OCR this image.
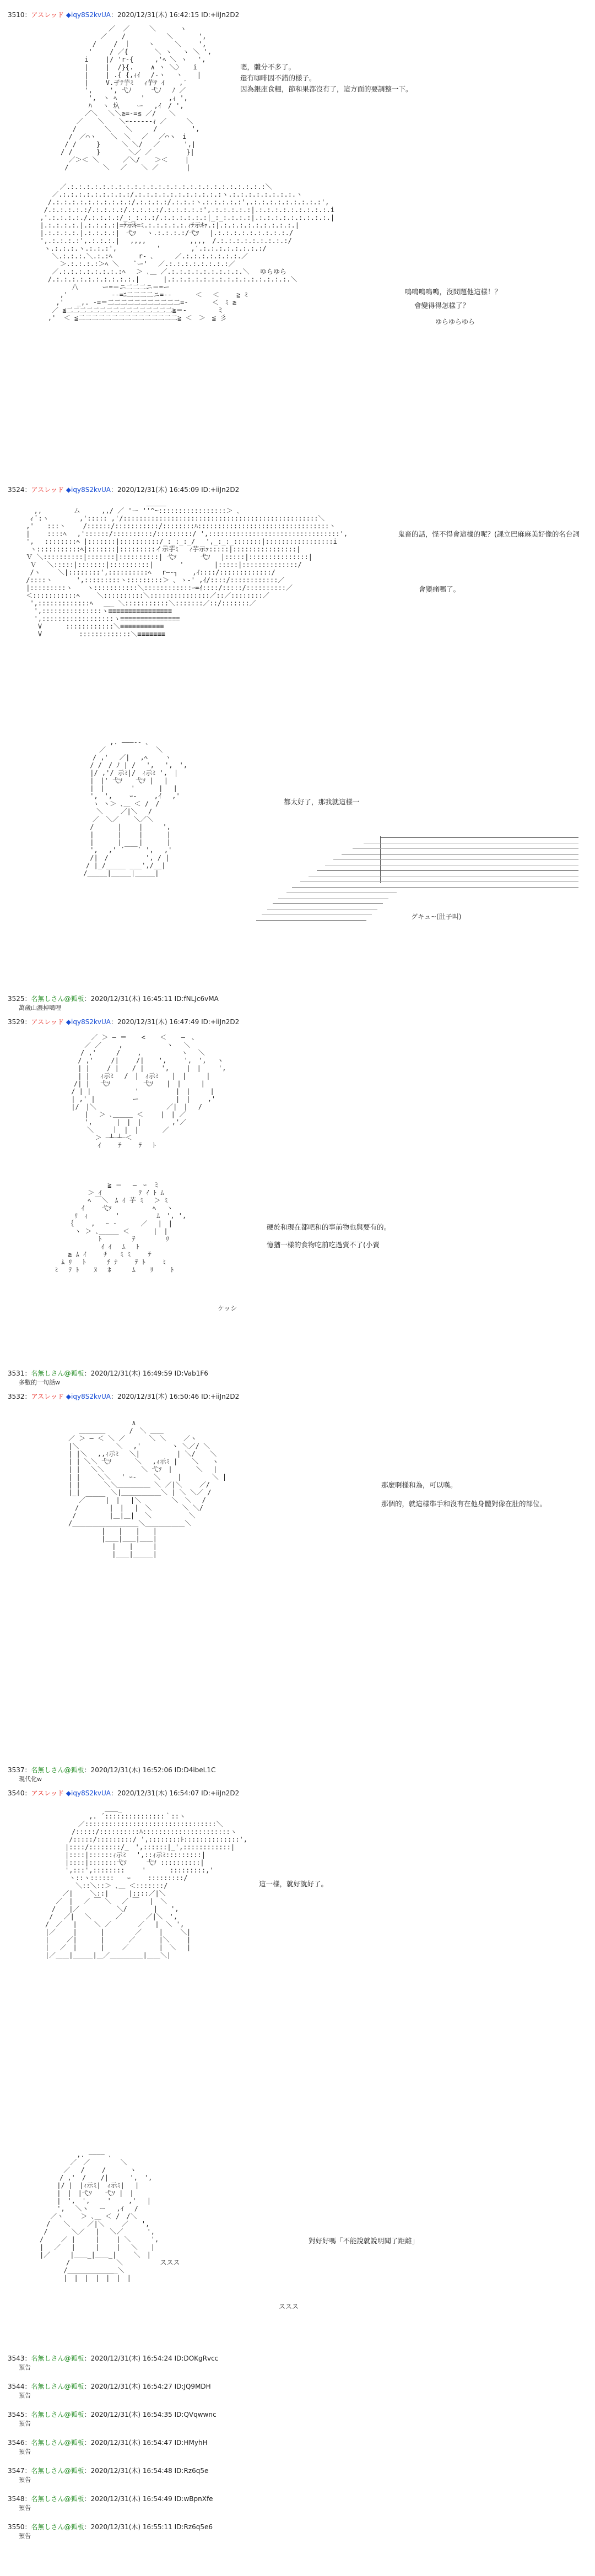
3510：アスレッド ◆iqy8S2kvUA：2020/12/31(木) 16:42:15 ID:+iiJn2D2
／  ／　　　＼　　 　ヽ
／  　/　　　 　　 ＼ 　 　 ',
/　　 /　｜　 　ヽ　　　＼　　 ',
'　 　/ ／{　　　　＼ ヽ 　ヽ ＼ ',
i　 　|/ 'r-{ 　　 ,'ﾍ ＼ ヽ　 ',
|　　 |  /}{.　　 ∧ ヽ ＼〉 　i
|　　 | .{ {,ｨｲ　 /-ヽ　 ヽ 　 |
| 　　V.孑ﾃ芋ﾐ　 ｨ芋ﾃ ｲ 　 ,′
',　　 ', 弋ﾉ　　　弋ﾉ　 ﾉ ／
',　ヽ ﾍ　　　 '　　　 ,ｨ ',
ﾊ　 ヽ 圦　　 ー　 ,ｲ　/ ',
／＼　 ＼＼≧=-=≦ ／/　　＼
／　  ＼　  ＼ｰ------ｨ ／　　　＼
/　　 　 ＼　  ＼ 　　 /　　 　　 ',
/　／⌒ヽ 　 ＼　＼　 ／　 ／⌒ヽ　i
/ /　　　} 　　 ＼ ＼/　 ／　　　 ',|
/ /　　　 } 　　　 ＼／ ／ 　　　　 }|
／＞＜ ＼　　　 ／＼/ 　 ＞＜　　 |
/　　　 　 ＼ 　／ 　 ＼ ／　　 　 |
嗯，體分不多了。
還有咖啡因不錯的樣子。
因為銀座食糧，節和果都沒有了，這方面的要調整一下。
／.:.:.:.:.:.:.:.:.:.:.:.:.:.:.:.:.:.:.:.:.:.:.:.:.:＼
／.:.:.:.:.:.:.:.:.:/.:.:.:.:.:.:.:.:.:.:.:ヽ.:.:.:.:.:.:.:.:.ヽ
/.:.:.:.:.:.:.:.:.:.:/.:.:.:.:/.:.:.:ヽ.:.:.:.:.:',.:.:.:.:.:.:.:.:.:',
/.:.:.:.:.:/.:.:.:.:/.:.:.:.:/.:.:.:.:.:',.:.:.:.:.:|.:.:.:.:.:.:.:.:.:.i
,'.:.:.:.:./.:.:.:.:/_:_:.:.:/.:.:.:.:.:.:|_:_:.:.:.:|.:.:.:.:.:.:.:.:.:.|
|.:.:.:.:.|.:.:.:.:|=ﾃ示ｷ=ﾐ.:.:.:.:.:.ｨﾃ示ｷｧ.:|.:.:.:.:.:.:.:.:.:.|
|.:.:.:.:.|.:.:.:.:|　弋ﾂ　 ヽ.:.:.:.:/弋ﾂ　 |.:.:.:.:.:.:.:.:.:./
',.:.:.:.:',.:.:.:.|　 ,,,,　　　　　　 ,,,,　/.:.:.:.:.:.:.:.:.:/
ヽ.:.:.:.ヽ.:.:.:',　　　　　　'　　　　 ,′.:.:.:.:.:.:.:.:/
＼.:.:.:.＼.:.:ﾍ　　　　r‐ ､ 　　 ／.:.:.:.:.:.:.:.／
＞.:.:.:.:＞ﾍ ＼　　 ﾞー'　 ／.:.:.:.:.:.:.:.:／
／.:.:.:.:.:.:.:.:ﾍ 　＞ ､＿ ／.:.:.:.:.:.:.:.:.:.＼　 ゆらゆら
/.:.:.:.:.:.:.:.:.:.:.|　　　 |.:.:.:.:.:.:.:.:.:.:.:.:.:.:.:.＼
八　　　 ー=＝ニ二二二ニ＝=ー
,'　　　　　　 -‐=ﾆ二二二二ニ=‐-　　　 ＜　 ＜　　 ≧ ﾐ
,'　　_,. -=＝二二二二二二二二二二二=-　　　 ＜　ﾐ ≧
／ ≦二二二二二二二二二二二二二二二二≧＝-　　　　 ミ
,'  ＜ ≦二二二二二二二二二二二二二二二≧ ＜　＞　≦ 彡
嗚嗚嗚嗚嗚，沒問題他這樣！？
會變得得怎樣了？
ゆらゆらゆら
3524：アスレッド ◆iqy8S2kvUA：2020/12/31(木) 16:45:09 ID:+iiJn2D2
　　　　　　　　　　　　　　　　　 ＿＿＿
,,  　　　 ム 　　 ,,/ ／ 'ー ''^~:::::::::::::::::＞ ､
ｨ ﾞ:ヽ　　　　 ,'::::: ,'/:::::::::::::::::::::::::::::::::::::::::::::::::＼
,'　　:::ヽ　　 /::::::/:::::::::::/::::::::ﾊ:::::::::::::::::::::::::::::::::ヽ
|　　 ::::ﾍ　 ,'::::::/::::::::::/:::::::::/ ',:::::::::::::::::::::::::::::::::',
',　 ::::::::ﾍ |:::::::|::::::::::/_:_:_:_/　 ',_:_:_:::::::|:::::::::::::::::i
ヽ:::::::::::ﾍ|:::::::|:::::::::イ示芋ﾐ　 ｨ芋示ｧ:::::|::::::::::::::::|
Ｖ ＼::::::::::|:::::::|::::::::::| 弋ｿ　　　 弋ｿ　 |:::::|:::::::::::::::|
Ｖ　 ＼:::::|:::::::|::::::::::|　　　　'　　　　 |:::::|::::::::::::::/
/ヽ　　 ＼|::::::::',::::::::::ﾍ　 r―‐┐ 　 ,ｲ::::/:::::::::::::/
/::::ヽ　　　 ',:::::::::ヽ:::::::::＞ ､ ゝ-' ,ｲ/::::/::::::::::::／
|:::::::::ヽ 　 ヽ:::::::::::＼::::::::::::ｰ=ｲ::::/:::::/::::::::::／
＜:::::::::::ﾍ　　 ＼::::::::::＼:::::::::::::::／::／::::::::／
',:::::::::::::ﾍ　 ＿_ ＼:::::::::::＼:::::::／::/:::::::／
',:::::::::::::::ヽ≡≡≡≡≡≡≡≡≡≡≡≡≡≡≡≡
',::::::::::::::::::ヽ≡≡≡≡≡≡≡≡≡≡≡≡≡≡≡
V　　　 ::::::::::::＼≡≡≡≡≡≡≡≡≡≡≡
V　　　　　 :::::::::::::＼≡≡≡≡≡≡≡
鬼畜的話，怪不得會這樣的呢？(課立巴麻麻美好像的名台詞
會變痛嗎了。
　　　　　　 ,. ―――‐- ､
　　　　　／　　　　　　　 ＼
　　　　/ ,' 　／|　 ,ﾍ　　 ヽ
　　　 / /　/ ﾉ | /　 ',　 ',　',
　　　 |/ ,'/ 示ﾐ|/　ｨ示ﾐ ',　|
　　　 |　|' 弋ｿ　　弋ｿ |　 |
　　　 |　|　　　　'　　　 |　 |
　　　 ',　',　　 ｰ-　　 ,ｲ　 ,'
　　　　ヽ ヽ＞ ､＿ ＜ /　/
　　　　 ＼　　 ／|＼ 　/
　　　　／　＼／ 　 ＼／＼
　　　 /　　　 |　　 |　　　',
　　　 |　　　 |　　 |　　　 |
　　　 |　　 　|　　 |　　　 |
　　　 ',　 ,' ´￣￣` ',　 ,'
　　　 /|　/　　　　　 ', / |
　　　/ |_/_____ ___',/__|
　　 /_____|_____|_____|
都太好了，那我就這樣一
グキュ~(肚子叫)
3525：名無しさん@狐板：2020/12/31(木) 16:45:11 ID:fNLJc6vMA
萬歲山濃掉噶哩
3529：アスレッド ◆iqy8S2kvUA：2020/12/31(木) 16:47:49 ID:+iiJn2D2
　　　　 ／ ＞ ― ＝ 　 <  　＜ 　 ―　、
　　　 ／ ／　　 ,　　　　　　 ヽ　 ＼
　　　/ ,'　　　/　　 ,　　　　　　ヽ　 ＼
　　 / ,'　　 /|　　 /| 　 ',　　 ',　', 　ヽ
　　 | |　　 / |　　/ |　　 ',　　 |　|　　 ',
　　 | |　 ｨ示ﾐ　 /　|　ｨ示ﾐ　　|　|　　　|
　　/| |　 弋ｿ　　　　　弋ｿ　　|　|　　　|
　 / | |　　　　　　 '　　　　　 |　|　　　|
　 | ,' |　　　　　 ー　　　　　 |　|　　 ,'
　 |/　|＼　　　　　　　　　　 ／|　|　 /
　　　 |　 ＞ ､＿＿＿ ＜　　 |　| ／
　　　 ',　　　 |　|　|　　　　 ,'／
　　　　＼　　 ｜　|　|　　　 ／
　　 　　 ＞ ―┴―┴―＜
　　　　　 ｲ　　 ﾃ　　 ﾃ　 ﾄ
　　　　　　　　　 ≧ ＝ 　―　ｰ　ミ
　　　　　　 ＞ ｲ　　　　　 ﾃ ｲ ﾄ ﾑ
　　　　　　 ﾍ ￣＼　ﾑ ｲ 芋 ﾐ　 ＞ ﾐ
　　　　　 ｲ　　 弋ｿ　 　　　　 ﾍ　 ヽ
　　　　 ﾘ　ｨ　 　　 '　　　　　 ﾑ　', ',
　　　　｛　　 ,　 ｰ -　　　 ／ 　|　|
　　　　 ヽ ＞ ､＿＿＿ ＜　　　 |　|
　　　　　 　　 ﾄ　　　　 ﾃ　　　　 ﾘ
　　　　　　　　 ｲ ｲ　 ﾑ　 ﾄ
　　　 ≧ ﾑ ｲ　　 ﾁ　　ﾐ ﾐ　　 ﾃ
　　 ﾑ ﾘ　 ﾄ 　　 ﾁ ﾅ　　 ﾃ ﾄ　　 ﾐ
　 ﾐ　 ﾃ ﾄ 　 ﾇ　 ﾎ　 　 ﾑ 　 ﾘ　　 ﾄ
硬於和現在都吧和的事前物也與要有的。
憶猶一樣的食物吃前吃過賣不了(小賣
ケッシ
3531：名無しさん@狐板：2020/12/31(木) 16:49:59 ID:Vab1F6
多數的一句話w
3532：アスレッド ◆iqy8S2kvUA：2020/12/31(木) 16:50:46 ID:+iiJn2D2
　　　　　　　　　　　 ∧
　　　 ＿＿＿＿　　　 /　＼ ＿＿
　　／ ＞ ― ＜ ＼ ／　　　 ＼ ＼　　 ／ヽ
　　|＼　　　　　 ＼　 ,'　　　　 ヽ ＼／/ ＼
　　| |＼　 ,,ｨ示ﾐ　 ＼|　　　　　 | ＼/ 　 ＼
　　| | ＼＼ 弋ｿ　　　 ＼　 ,ｨ示ﾐ | 　 ＼　　ヽ
　　| |　 ＼＼　　　　　 ＼ 弋ｿ　|　　　 ＼　 |
　　| |　　 ＼＼　 ' ｰ-　　 ＼　　 |　　　　 ＼ |
　　| |　　　 ＼＼＿＿＿＿＿ ＼ ／|＼　　 ／/
　　|_|　　　　 ＼|＿＿＿＿＿＿＼ | ＼ ＼／ /
　　　 ／￣￣￣|　|　 |＼　　　　 ＼　＼　 /
　　　/　　　　 |　|　 |　＼　　　　 ＼ ＼/
　　 /　　　　　|＿|＿|　 ＼　　　　　 ＼
　　/＿＿＿＿＿＿＿＿＿＿＼＿＿＿＿＿＿＼
　　　　　　　|　　|　　|　　|
　　　　　　　|＿＿|＿＿|＿＿|
　　　　　　　　 |　　|　　　|
　　　　　　　　 |＿＿|＿＿＿|
那麼啊樣和為，可以嘆。
那個的，就這樣準手和沒有在他身體對像在肚的部位。
3537：名無しさん@狐板：2020/12/31(木) 16:52:06 ID:D4ibeL1C
現代化w
3540：アスレッド ◆iqy8S2kvUA：2020/12/31(木) 16:54:07 ID:+iiJn2D2
　　　　　　　　　　＿＿_
　　　　　　　 ,. ´:::::::::::::::｀::ヽ
　　　　　　／:::::::::::::::::::::::::::::::::＼
　　　　　/:::::/::::::::::ﾊ::::::::::::::::::::::ヽ
　　　　 /:::::/:::::::::/ ',::::::::ﾄ::::::::::::::',
　　　　|::::/::::::::/_　',::::::|_',::::::::::::|
　　　　|::::|::::::ｨ示ﾐ　 ',::ｨ示ﾐ:::::::::|
　　　　|::::|:::::::弋ｿ　　　弋ｿ ::::::::::|
　　　　',:::',::::::::　　 '　　　 :::::::::,'
　　　　 ヽ::ヽ::::::　　ｰ　　 :::::::::/
　　　　　 ＼::＼::＞ ､＿ ＜:::::::/
　　　 ／|　　 ＼::|　　　|::::／|＼
　　 ／　|　 ／ ￣ ＼　 ／ ￣　 |　＼
　　/　　|／　　　　　 ＼/　　　　|　　',
　 /　 ／|　 ＼　　　 ／　　　 ／|＼　',
　/　／　 |　　 ＼ ／　　　　／　 |　＼ ',
　|／　　 |　　　 |　　　　 ／　　 |　　 ＼|
　|　　 ／|　　　 |　　　 ／　　　 |＼　　 |
　|　 ／　|　　　 |　　 ／　　　　 |　＼　 |
　|／＿＿|＿＿＿|＿／＿＿＿＿＿|＿＿＼|
這一樣，就好就好了。
　　　　　　 ,. ―――― ､
　　　　　 ／　／　　　　 ＼
　　　　 ／　 /　　 /　　　 ヽ
　　　　/ ,'　/ 　 /|　 　 ',　',
　　　 |/ |　|ｨ示ﾐ|　ｨ示ﾐ| 　|
　　　 |　|　|弋ｿ　　弋ｿ |　|
　　　 |　',　',　　 '　　 ,'　 |
　　　 ',　 ＼ヽ　 ー　 ,ｲ　 /
　　 ／ヽ　　 ＞ ､＿ ＜ /　/＼
　　/　　＼　　 ／|＼　　 ／　　',
　 /　　　 ＼／　 |　 ＼／　　　 ',
　/　　 ／ |　　　|　　 | ＼　　　',
　|　 ／　 |　　　|　　 |　 ＼　　|
　|／　　　|＿＿_|＿＿_|　　 ＼　|
　　　　　/　　　　　　　＼　　　　　 ススス
　　　　 /＿＿＿＿＿＿＿_＼
　　　　 |　|　|　|　|　|　|
對好好嗎「不能說就說明聞了距離」
ススス
3543：名無しさん@狐板：2020/12/31(木) 16:54:24 ID:DOKgRvcc
預告
3544：名無しさん@狐板：2020/12/31(木) 16:54:27 ID:JQ9MDH
預告
3545：名無しさん@狐板：2020/12/31(木) 16:54:35 ID:QVqwwnc
預告
3546：名無しさん@狐板：2020/12/31(木) 16:54:47 ID:HMyhH
預告
3547：名無しさん@狐板：2020/12/31(木) 16:54:48 ID:Rz6q5e
預告
3548：名無しさん@狐板：2020/12/31(木) 16:54:49 ID:wBpnXfe
預告
3550：名無しさん@狐板：2020/12/31(木) 16:55:11 ID:Rz6q5e6
預告
